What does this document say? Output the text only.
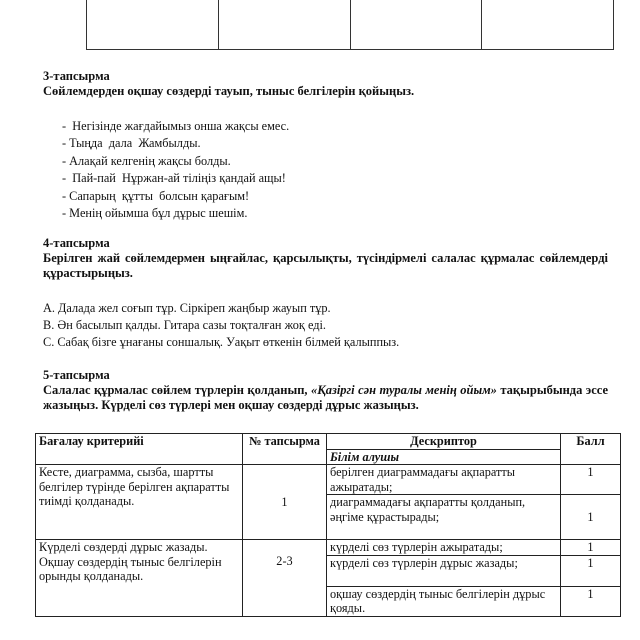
3-тапсырма
Сөйлемдерден оқшау сөздерді тауып, тыныс белгілерін қойыңыз.
-  Негізінде жағдайымыз онша жақсы емес.
- Тыңда  дала  Жамбылды.
- Алақай келгенің жақсы болды.
-  Пай-пай  Нұржан-ай тіліңіз қандай ащы!
- Сапарың  құтты  болсын қарағым!
- Менің ойымша бұл дұрыс шешім.
4-тапсырма
Берілген жай сөйлемдермен ыңғайлас, қарсылықты, түсіндірмелі салалас құрмалас сөйлемдерді құрастырыңыз.
A. Далада жел соғып тұр. Сіркіреп жаңбыр жауып тұр.
B. Ән басылып қалды. Гитара сазы тоқталған жоқ еді.
C. Сабақ бізге ұнағаны соншалық. Уақыт өткенін білмей қалыппыз.
5-тапсырма
Салалас құрмалас сөйлем түрлерін қолданып, «Қазіргі сән туралы менің ойым» тақырыбында эссе жазыңыз. Күрделі сөз түрлері мен оқшау сөздерді дұрыс жазыңыз.
Бағалау критерийі	№ тапсырма	Дескриптор	Балл
		Білім алушы	
Кесте, диаграмма, сызба, шартты белгілер түрінде берілген ақпаратты тиімді қолданады.	1	берілген диаграммадағы ақпаратты ажыратады;	1
		диаграммадағы ақпаратты қолданып, әңгіме құрастырады;	1
Күрделі сөздерді дұрыс жазады. Оқшау сөздердің тыныс белгілерін орынды қолданады.	2-3	күрделі сөз түрлерін ажыратады;	1
		күрделі сөз түрлерін дұрыс жазады;	1
		оқшау сөздердің тыныс белгілерін дұрыс қояды.	1
